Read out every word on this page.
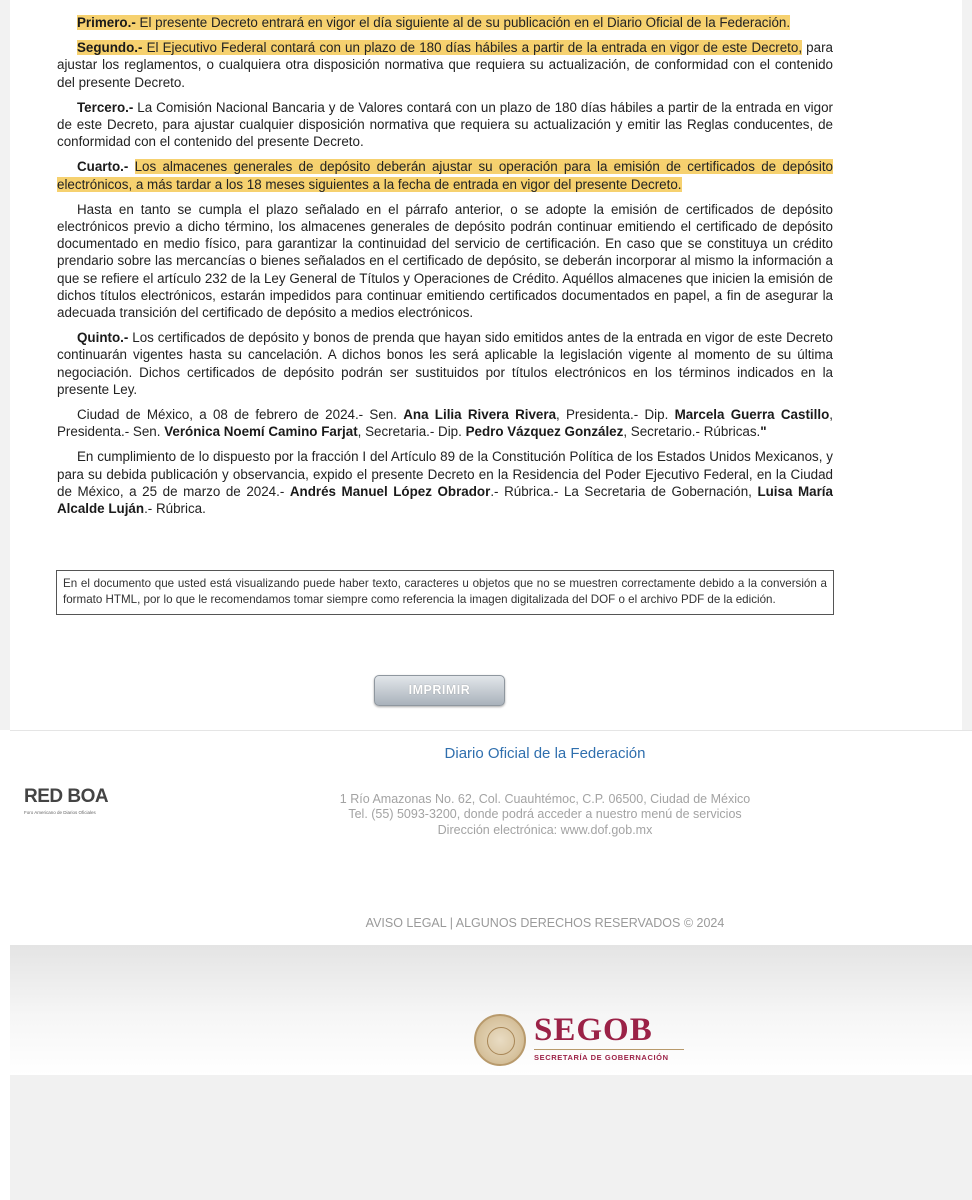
Primero.- El presente Decreto entrará en vigor el día siguiente al de su publicación en el Diario Oficial de la Federación.

Segundo.- El Ejecutivo Federal contará con un plazo de 180 días hábiles a partir de la entrada en vigor de este Decreto, para ajustar los reglamentos, o cualquiera otra disposición normativa que requiera su actualización, de conformidad con el contenido del presente Decreto.

Tercero.- La Comisión Nacional Bancaria y de Valores contará con un plazo de 180 días hábiles a partir de la entrada en vigor de este Decreto, para ajustar cualquier disposición normativa que requiera su actualización y emitir las Reglas conducentes, de conformidad con el contenido del presente Decreto.

Cuarto.- Los almacenes generales de depósito deberán ajustar su operación para la emisión de certificados de depósito electrónicos, a más tardar a los 18 meses siguientes a la fecha de entrada en vigor del presente Decreto.

Hasta en tanto se cumpla el plazo señalado en el párrafo anterior, o se adopte la emisión de certificados de depósito electrónicos previo a dicho término, los almacenes generales de depósito podrán continuar emitiendo el certificado de depósito documentado en medio físico, para garantizar la continuidad del servicio de certificación. En caso que se constituya un crédito prendario sobre las mercancías o bienes señalados en el certificado de depósito, se deberán incorporar al mismo la información a que se refiere el artículo 232 de la Ley General de Títulos y Operaciones de Crédito. Aquéllos almacenes que inicien la emisión de dichos títulos electrónicos, estarán impedidos para continuar emitiendo certificados documentados en papel, a fin de asegurar la adecuada transición del certificado de depósito a medios electrónicos.

Quinto.- Los certificados de depósito y bonos de prenda que hayan sido emitidos antes de la entrada en vigor de este Decreto continuarán vigentes hasta su cancelación. A dichos bonos les será aplicable la legislación vigente al momento de su última negociación. Dichos certificados de depósito podrán ser sustituidos por títulos electrónicos en los términos indicados en la presente Ley.

Ciudad de México, a 08 de febrero de 2024.- Sen. Ana Lilia Rivera Rivera, Presidenta.- Dip. Marcela Guerra Castillo, Presidenta.- Sen. Verónica Noemí Camino Farjat, Secretaria.- Dip. Pedro Vázquez González, Secretario.- Rúbricas."

En cumplimiento de lo dispuesto por la fracción I del Artículo 89 de la Constitución Política de los Estados Unidos Mexicanos, y para su debida publicación y observancia, expido el presente Decreto en la Residencia del Poder Ejecutivo Federal, en la Ciudad de México, a 25 de marzo de 2024.- Andrés Manuel López Obrador.- Rúbrica.- La Secretaria de Gobernación, Luisa María Alcalde Luján.- Rúbrica.

En el documento que usted está visualizando puede haber texto, caracteres u objetos que no se muestren correctamente debido a la conversión a formato HTML, por lo que le recomendamos tomar siempre como referencia la imagen digitalizada del DOF o el archivo PDF de la edición.
IMPRIMIR
Diario Oficial de la Federación
RED BOA
Foro Americano de Diarios Oficiales
1 Río Amazonas No. 62, Col. Cuauhtémoc, C.P. 06500, Ciudad de México
Tel. (55) 5093-3200, donde podrá acceder a nuestro menú de servicios
Dirección electrónica: www.dof.gob.mx
AVISO LEGAL | ALGUNOS DERECHOS RESERVADOS © 2024
SEGOB
SECRETARÍA DE GOBERNACIÓN
